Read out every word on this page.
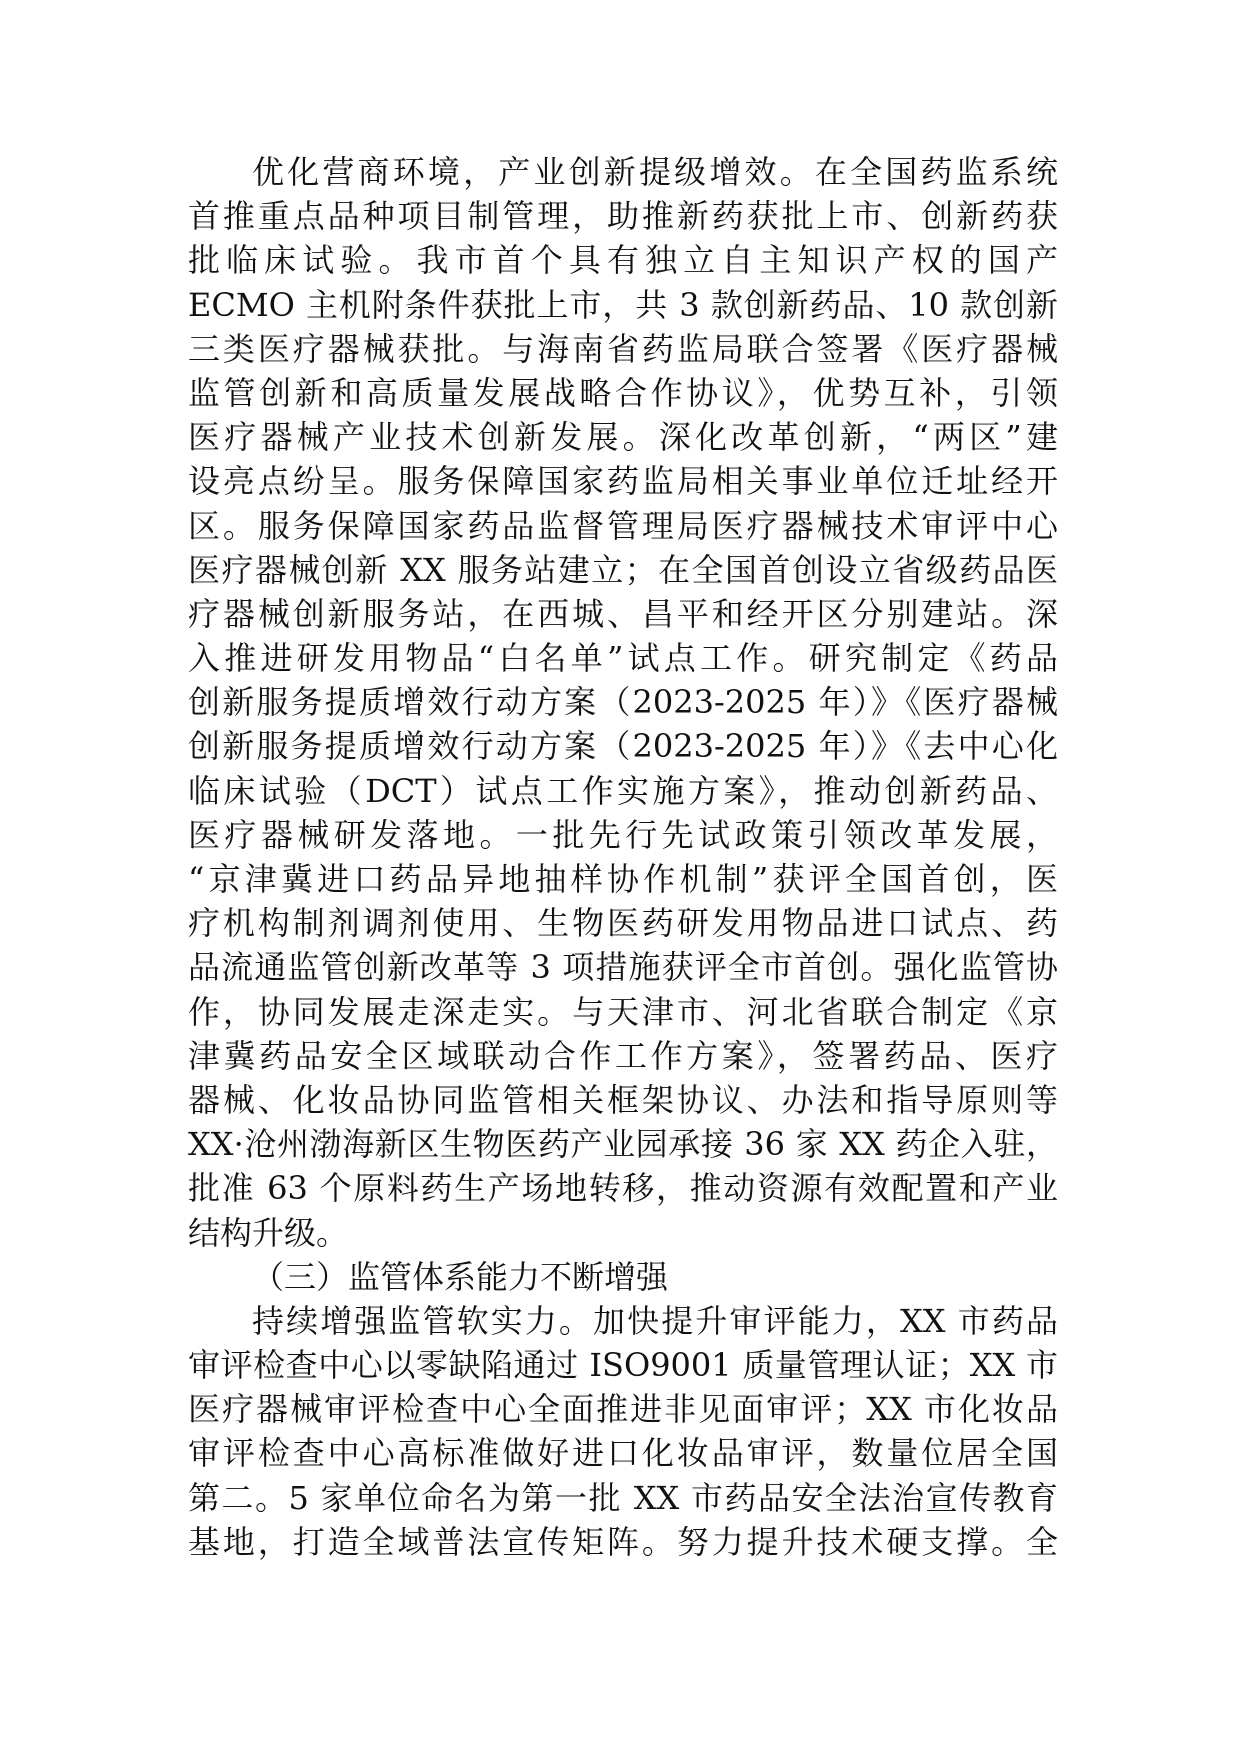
优化营商环境，产业创新提级增效。在全国药监系统
首推重点品种项目制管理，助推新药获批上市、创新药获
批临床试验。我市首个具有独立自主知识产权的国产
ECMO 主机附条件获批上市，共 3 款创新药品、10 款创新
三类医疗器械获批。与海南省药监局联合签署《医疗器械
监管创新和高质量发展战略合作协议》，优势互补，引领
医疗器械产业技术创新发展。深化改革创新，“两区”建
设亮点纷呈。服务保障国家药监局相关事业单位迁址经开
区。服务保障国家药品监督管理局医疗器械技术审评中心
医疗器械创新 XX 服务站建立；在全国首创设立省级药品医
疗器械创新服务站，在西城、昌平和经开区分别建站。深
入推进研发用物品“白名单”试点工作。研究制定《药品
创新服务提质增效行动方案（2023-2025 年）》《医疗器械
创新服务提质增效行动方案（2023-2025 年）》《去中心化
临床试验（DCT）试点工作实施方案》，推动创新药品、
医疗器械研发落地。一批先行先试政策引领改革发展，
“京津冀进口药品异地抽样协作机制”获评全国首创，医
疗机构制剂调剂使用、生物医药研发用物品进口试点、药
品流通监管创新改革等 3 项措施获评全市首创。强化监管协
作，协同发展走深走实。与天津市、河北省联合制定《京
津冀药品安全区域联动合作工作方案》，签署药品、医疗
器械、化妆品协同监管相关框架协议、办法和指导原则等
XX·沧州渤海新区生物医药产业园承接 36 家 XX 药企入驻，
批准 63 个原料药生产场地转移，推动资源有效配置和产业
结构升级。
（三）监管体系能力不断增强
持续增强监管软实力。加快提升审评能力，XX 市药品
审评检查中心以零缺陷通过 ISO9001 质量管理认证；XX 市
医疗器械审评检查中心全面推进非见面审评；XX 市化妆品
审评检查中心高标准做好进口化妆品审评，数量位居全国
第二。5 家单位命名为第一批 XX 市药品安全法治宣传教育
基地，打造全域普法宣传矩阵。努力提升技术硬支撑。全
